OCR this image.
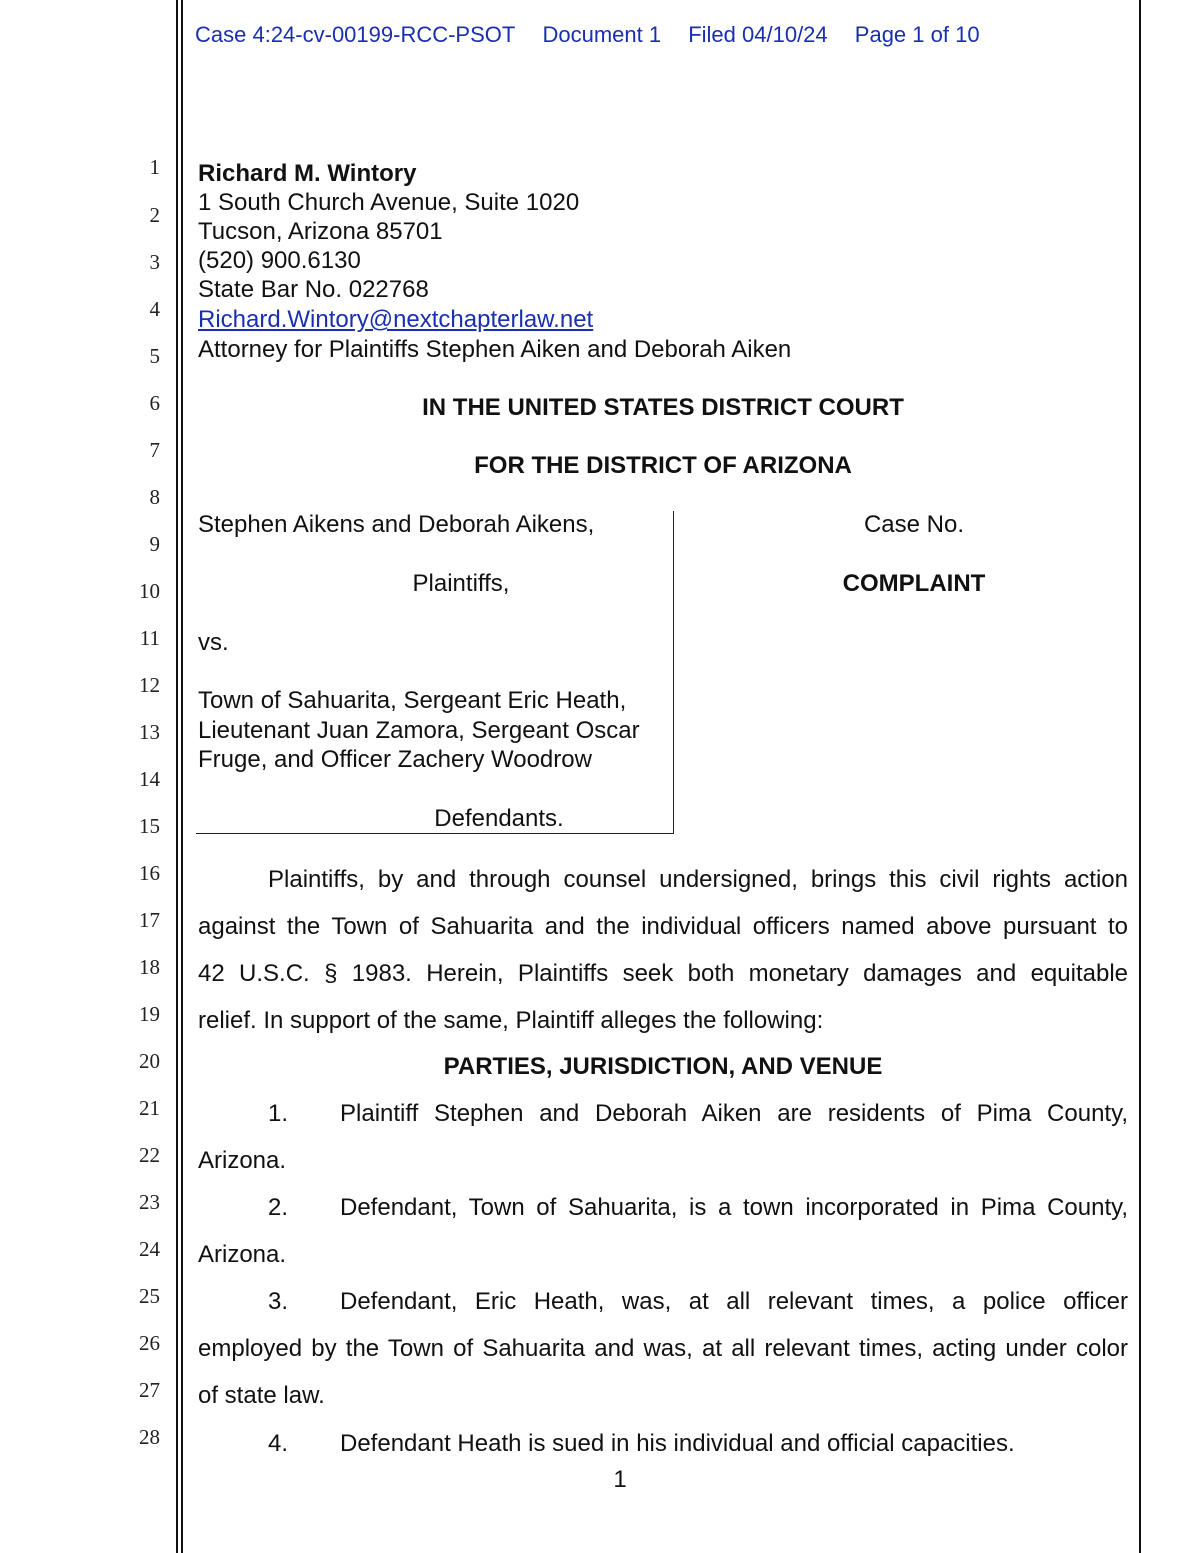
Case 4:24-cv-00199-RCC-PSOT Document 1 Filed 04/10/24 Page 1 of 10
1
2
3
4
5
6
7
8
9
10
11
12
13
14
15
16
17
18
19
20
21
22
23
24
25
26
27
28
Richard M. Wintory
1 South Church Avenue, Suite 1020
Tucson, Arizona 85701
(520) 900.6130
State Bar No. 022768
Richard.Wintory@nextchapterlaw.net
Attorney for Plaintiffs Stephen Aiken and Deborah Aiken
IN THE UNITED STATES DISTRICT COURT
FOR THE DISTRICT OF ARIZONA
Stephen Aikens and Deborah Aikens,
Plaintiffs,
vs.
Town of Sahuarita, Sergeant Eric Heath,
Lieutenant Juan Zamora, Sergeant Oscar
Fruge, and Officer Zachery Woodrow
Defendants.
Case No.
COMPLAINT
Plaintiffs, by and through counsel undersigned, brings this civil rights action
against the Town of Sahuarita and the individual officers named above pursuant to
42 U.S.C. § 1983. Herein, Plaintiffs seek both monetary damages and equitable
relief. In support of the same, Plaintiff alleges the following:
PARTIES, JURISDICTION, AND VENUE
1.	Plaintiff Stephen and Deborah Aiken are residents of Pima County,
Arizona.
2.	Defendant, Town of Sahuarita, is a town incorporated in Pima County,
Arizona.
3.	Defendant, Eric Heath, was, at all relevant times, a police officer
employed by the Town of Sahuarita and was, at all relevant times, acting under color
of state law.
4.	Defendant Heath is sued in his individual and official capacities.
1
